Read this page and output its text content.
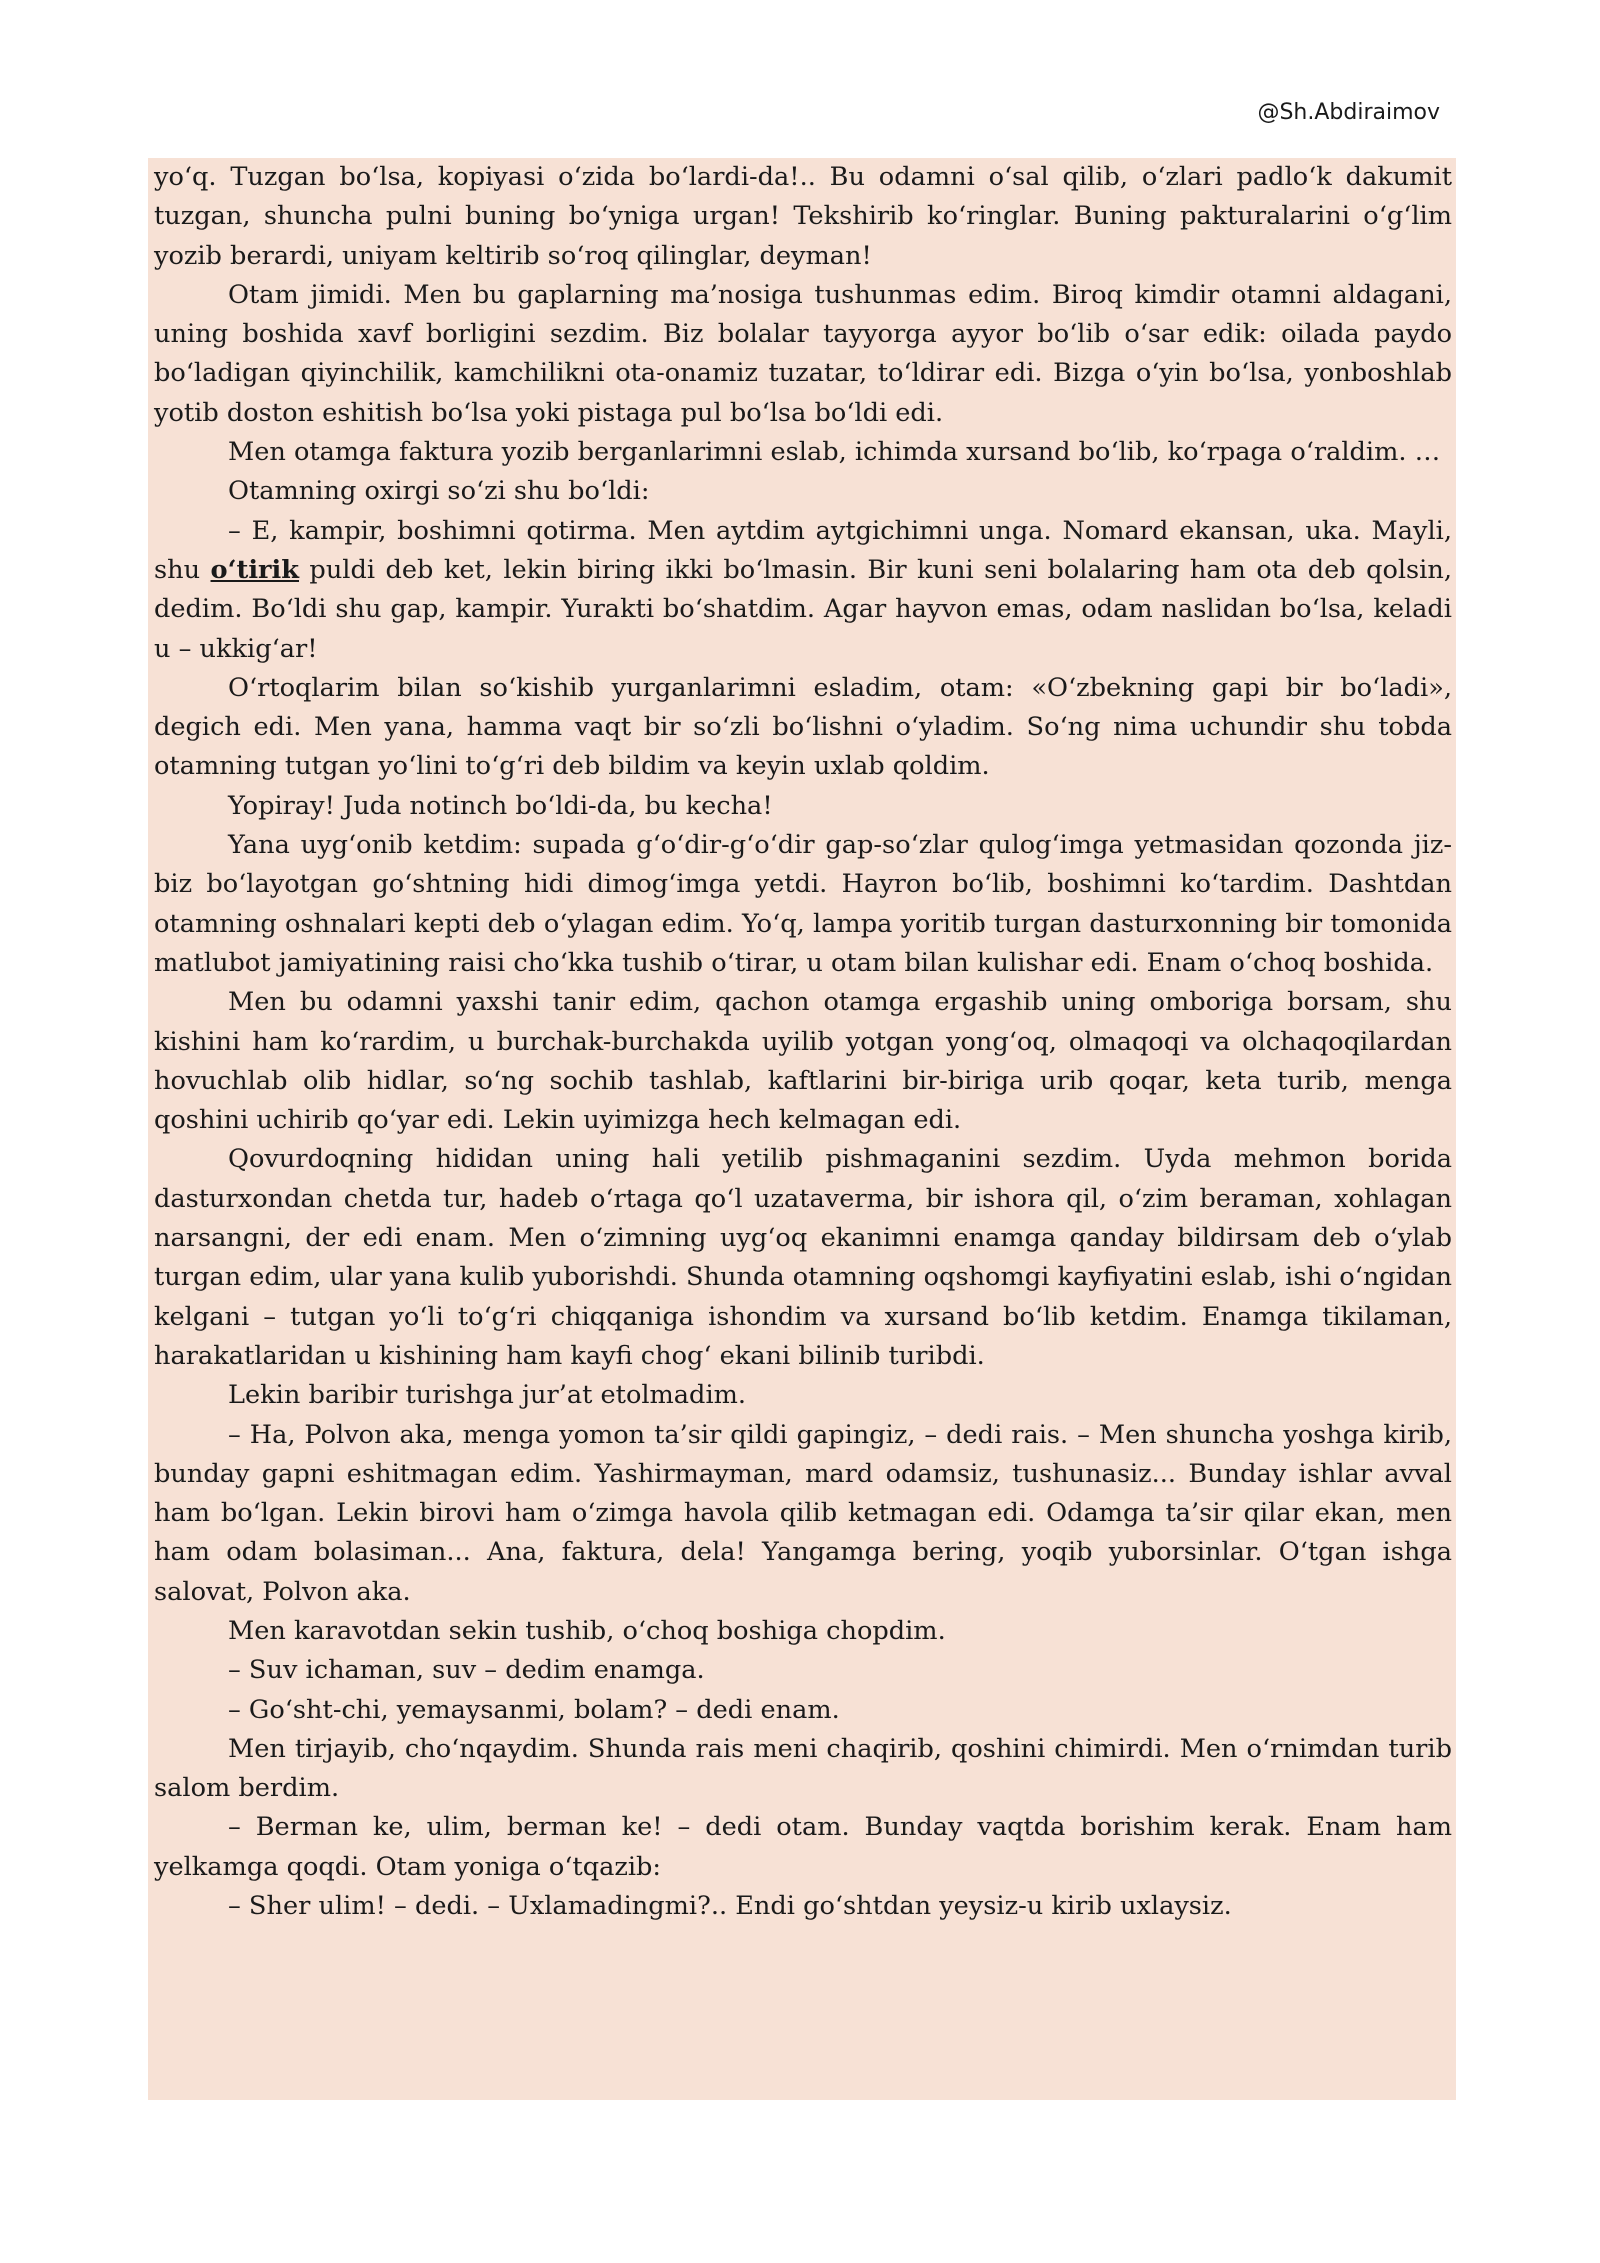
@Sh.Abdiraimov

yo‘q. Tuzgan bo‘lsa, kopiyasi o‘zida bo‘lardi-da!.. Bu odamni o‘sal qilib, o‘zlari padlo‘k dakumit tuzgan, shuncha pulni buning bo‘yniga urgan! Tekshirib ko‘ringlar. Buning pakturalarini o‘g‘lim yozib berardi, uniyam keltirib so‘roq qilinglar, deyman!

Otam jimidi. Men bu gaplarning ma’nosiga tushunmas edim. Biroq kimdir otamni aldagani, uning boshida xavf borligini sezdim. Biz bolalar tayyorga ayyor bo‘lib o‘sar edik: oilada paydo bo‘ladigan qiyinchilik, kamchilikni ota-onamiz tuzatar, to‘ldirar edi. Bizga o‘yin bo‘lsa, yonboshlab yotib doston eshitish bo‘lsa yoki pistaga pul bo‘lsa bo‘ldi edi.

Men otamga faktura yozib berganlarimni eslab, ichimda xursand bo‘lib, ko‘rpaga o‘raldim. …

Otamning oxirgi so‘zi shu bo‘ldi:

– E, kampir, boshimni qotirma. Men aytdim aytgichimni unga. Nomard ekansan, uka. Mayli, shu o‘tirik puldi deb ket, lekin biring ikki bo‘lmasin. Bir kuni seni bolalaring ham ota deb qolsin, dedim. Bo‘ldi shu gap, kampir. Yurakti bo‘shatdim. Agar hayvon emas, odam naslidan bo‘lsa, keladi u – ukkig‘ar!

O‘rtoqlarim bilan so‘kishib yurganlarimni esladim, otam: «O‘zbekning gapi bir bo‘ladi», degich edi. Men yana, hamma vaqt bir so‘zli bo‘lishni o‘yladim. So‘ng nima uchundir shu tobda otamning tutgan yo‘lini to‘g‘ri deb bildim va keyin uxlab qoldim.

Yopiray! Juda notinch bo‘ldi-da, bu kecha!

Yana uyg‘onib ketdim: supada g‘o‘dir-g‘o‘dir gap-so‘zlar qulog‘imga yetmasidan qozonda jiz-biz bo‘layotgan go‘shtning hidi dimog‘imga yetdi. Hayron bo‘lib, boshimni ko‘tardim. Dashtdan otamning oshnalari kepti deb o‘ylagan edim. Yo‘q, lampa yoritib turgan dasturxonning bir tomonida matlubot jamiyatining raisi cho‘kka tushib o‘tirar, u otam bilan kulishar edi. Enam o‘choq boshida.

Men bu odamni yaxshi tanir edim, qachon otamga ergashib uning omboriga borsam, shu kishini ham ko‘rardim, u burchak-burchakda uyilib yotgan yong‘oq, olmaqoqi va olchaqoqilardan hovuchlab olib hidlar, so‘ng sochib tashlab, kaftlarini bir-biriga urib qoqar, keta turib, menga qoshini uchirib qo‘yar edi. Lekin uyimizga hech kelmagan edi.

Qovurdoqning hididan uning hali yetilib pishmaganini sezdim. Uyda mehmon borida dasturxondan chetda tur, hadeb o‘rtaga qo‘l uzataverma, bir ishora qil, o‘zim beraman, xohlagan narsangni, der edi enam. Men o‘zimning uyg‘oq ekanimni enamga qanday bildirsam deb o‘ylab turgan edim, ular yana kulib yuborishdi. Shunda otamning oqshomgi kayfiyatini eslab, ishi o‘ngidan kelgani – tutgan yo‘li to‘g‘ri chiqqaniga ishondim va xursand bo‘lib ketdim. Enamga tikilaman, harakatlaridan u kishining ham kayfi chog‘ ekani bilinib turibdi.

Lekin baribir turishga jur’at etolmadim.

– Ha, Polvon aka, menga yomon ta’sir qildi gapingiz, – dedi rais. – Men shuncha yoshga kirib, bunday gapni eshitmagan edim. Yashirmayman, mard odamsiz, tushunasiz... Bunday ishlar avval ham bo‘lgan. Lekin birovi ham o‘zimga havola qilib ketmagan edi. Odamga ta’sir qilar ekan, men ham odam bolasiman... Ana, faktura, dela! Yangamga bering, yoqib yuborsinlar. O‘tgan ishga salovat, Polvon aka.

Men karavotdan sekin tushib, o‘choq boshiga chopdim.

– Suv ichaman, suv – dedim enamga.

– Go‘sht-chi, yemaysanmi, bolam? – dedi enam.

Men tirjayib, cho‘nqaydim. Shunda rais meni chaqirib, qoshini chimirdi. Men o‘rnimdan turib salom berdim.

– Berman ke, ulim, berman ke! – dedi otam. Bunday vaqtda borishim kerak. Enam ham yelkamga qoqdi. Otam yoniga o‘tqazib:

– Sher ulim! – dedi. – Uxlamadingmi?.. Endi go‘shtdan yeysiz-u kirib uxlaysiz.
